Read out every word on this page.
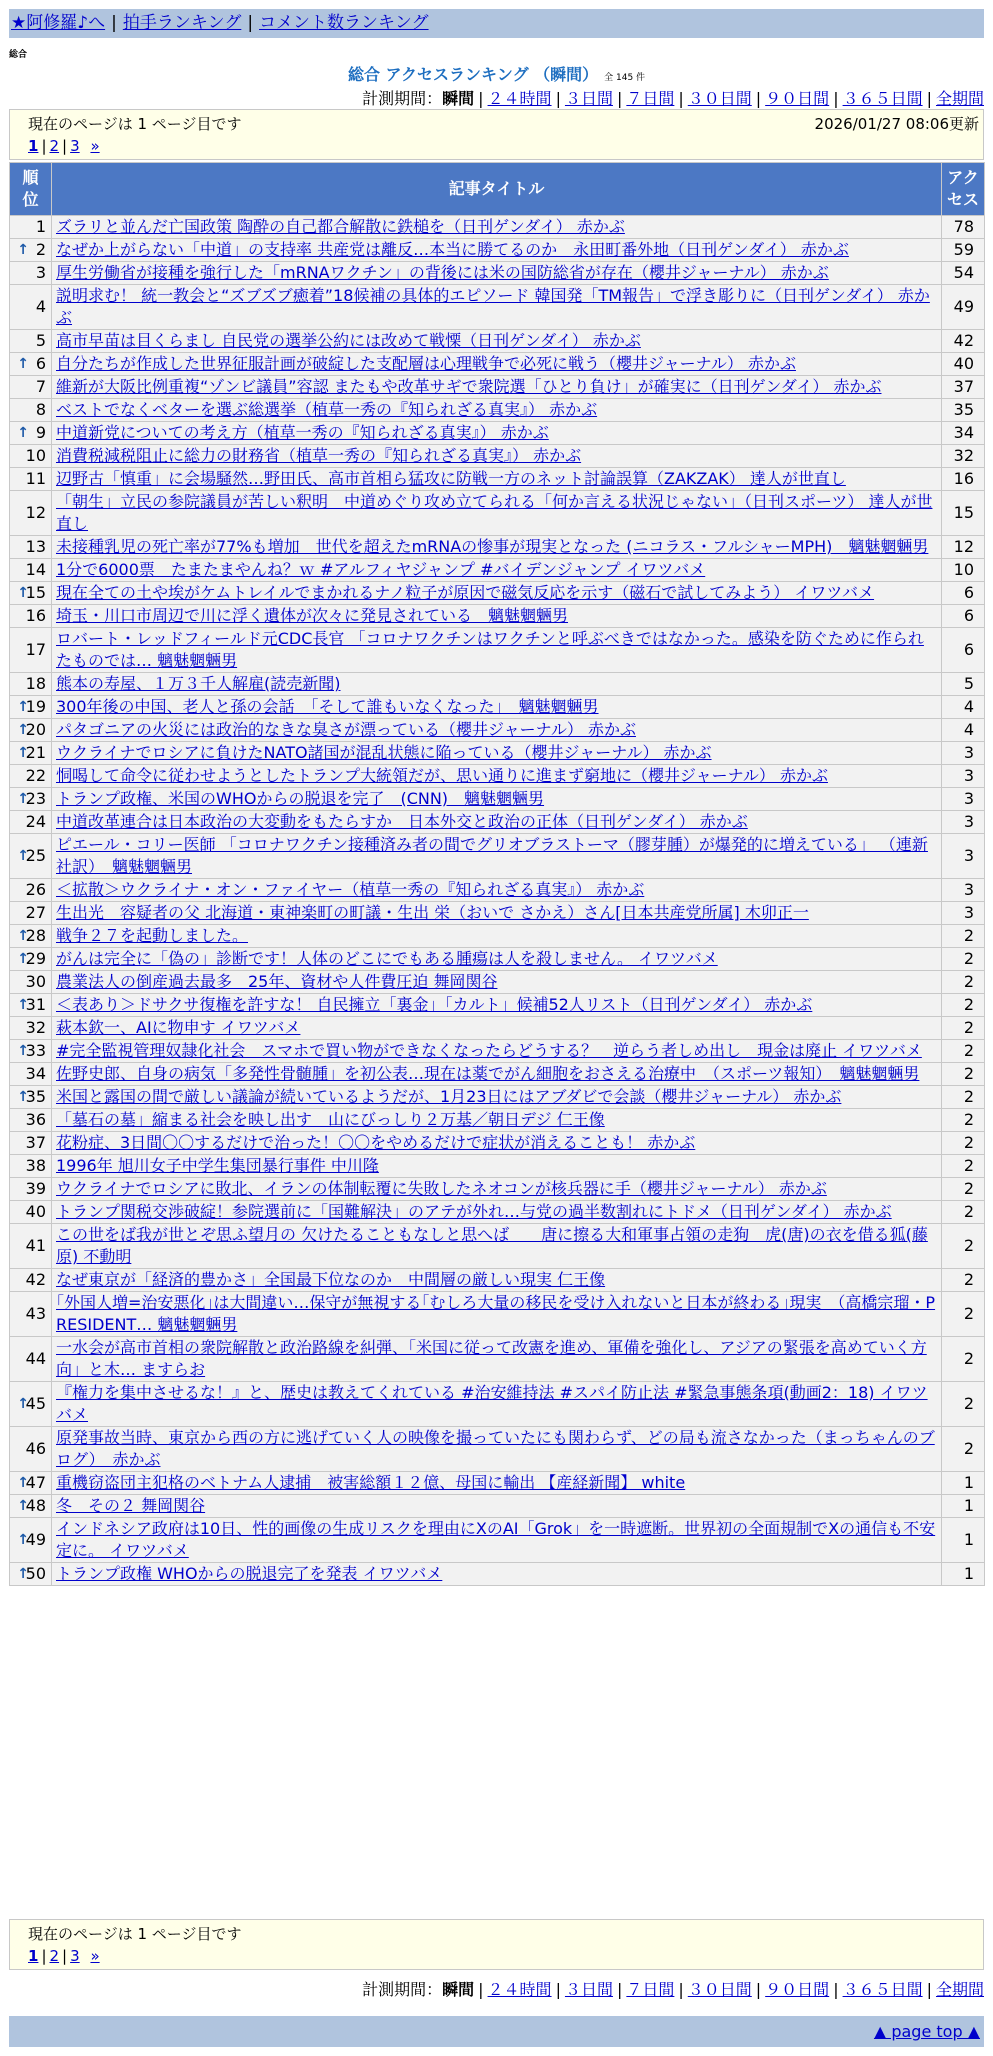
★阿修羅♪へ | 拍手ランキング | コメント数ランキング
総合
総合 アクセスランキング （瞬間） 全 145 件
計測期間：瞬間 | ２４時間 | ３日間 | ７日間 | ３０日間 | ９０日間 | ３６５日間 | 全期間
現在のページは 1 ページ目です	2026/01/27 08:06更新
1 | 2 | 3 »
順位	記事タイトル	アクセス
1	ズラリと並んだ亡国政策 陶酔の自己都合解散に鉄槌を（日刊ゲンダイ） 赤かぶ	78

↑ 2	なぜか上がらない「中道」の支持率 共産党は離反…本当に勝てるのか　永田町番外地（日刊ゲンダイ） 赤かぶ	59
3	厚生労働省が接種を強行した「mRNAワクチン」の背後には米の国防総省が存在（櫻井ジャーナル） 赤かぶ	54
4	説明求む！ 統一教会と“ズブズブ癒着”18候補の具体的エピソード 韓国発「TM報告」で浮き彫りに（日刊ゲンダイ） 赤かぶ	49
5	高市早苗は目くらまし 自民党の選挙公約には改めて戦慄（日刊ゲンダイ） 赤かぶ	42

↑ 6	自分たちが作成した世界征服計画が破綻した支配層は心理戦争で必死に戦う（櫻井ジャーナル） 赤かぶ	40
7	維新が大阪比例重複“ゾンビ議員”容認 またもや改革サギで衆院選「ひとり負け」が確実に（日刊ゲンダイ） 赤かぶ	37
8	ベストでなくベターを選ぶ総選挙（植草一秀の『知られざる真実』） 赤かぶ	35

↑ 9	中道新党についての考え方（植草一秀の『知られざる真実』） 赤かぶ	34
10	消費税減税阻止に総力の財務省（植草一秀の『知られざる真実』） 赤かぶ	32
11	辺野古「慎重」に会場騒然…野田氏、高市首相ら猛攻に防戦一方のネット討論誤算（ZAKZAK） 達人が世直し	16
12	「朝生」立民の参院議員が苦しい釈明　中道めぐり攻め立てられる「何か言える状況じゃない」（日刊スポーツ） 達人が世直し	15
13	未接種乳児の死亡率が77%も増加　世代を超えたmRNAの惨事が現実となった (ニコラス・フルシャーMPH)　魑魅魍魎男	12
14	1分で6000票　たまたまやんね？ｗ #アルフィヤジャンプ #バイデンジャンプ イワツバメ	10

↑
15	現在全ての土や埃がケムトレイルでまかれるナノ粒子が原因で磁気反応を示す（磁石で試してみよう） イワツバメ	6
16	埼玉・川口市周辺で川に浮く遺体が次々に発見されている　魑魅魍魎男	6
17	ロバート・レッドフィールド元CDC長官 「コロナワクチンはワクチンと呼ぶべきではなかった。感染を防ぐために作られたものでは… 魑魅魍魎男	6
18	熊本の寿屋、１万３千人解雇(読売新聞)	5

↑
19	300年後の中国、老人と孫の会話　「そして誰もいなくなった」　魑魅魍魎男	4

↑
20	パタゴニアの火災には政治的なきな臭さが漂っている（櫻井ジャーナル） 赤かぶ	4

↑
21	ウクライナでロシアに負けたNATO諸国が混乱状態に陥っている（櫻井ジャーナル） 赤かぶ	3
22	恫喝して命令に従わせようとしたトランプ大統領だが、思い通りに進まず窮地に（櫻井ジャーナル） 赤かぶ	3

↑
23	トランプ政権、米国のWHOからの脱退を完了　(CNN)　魑魅魍魎男	3
24	中道改革連合は日本政治の大変動をもたらすか　日本外交と政治の正体（日刊ゲンダイ） 赤かぶ	3

↑
25	ピエール・コリー医師 「コロナワクチン接種済み者の間でグリオブラストーマ（膠芽腫）が爆発的に増えている」 （連新社訳）　魑魅魍魎男	3
26	＜拡散＞ウクライナ・オン・ファイヤー（植草一秀の『知られざる真実』） 赤かぶ	3
27	生出光　容疑者の父 北海道・東神楽町の町議・生出 栄（おいで さかえ）さん[日本共産党所属] 木卯正一	3

↑
28	戦争２７を起動しました。	2

↑
29	がんは完全に「偽の」診断です！人体のどこにでもある腫瘍は人を殺しません。 イワツバメ	2
30	農業法人の倒産過去最多　25年、資材や人件費圧迫 舞岡関谷	2

↑
31	＜表あり＞ドサクサ復権を許すな！ 自民擁立「裏金」「カルト」候補52人リスト（日刊ゲンダイ） 赤かぶ	2
32	萩本欽一、AIに物申す イワツバメ	2

↑
33	#完全監視管理奴隷化社会　スマホで買い物ができなくなったらどうする？　逆らう者しめ出し　現金は廃止 イワツバメ	2
34	佐野史郎、自身の病気「多発性骨髄腫」を初公表…現在は薬でがん細胞をおさえる治療中　（スポーツ報知）　魑魅魍魎男	2

↑
35	米国と露国の間で厳しい議論が続いているようだが、1月23日にはアブダビで会談（櫻井ジャーナル） 赤かぶ	2
36	「墓石の墓」縮まる社会を映し出す　山にびっしり２万基／朝日デジ 仁王像	2
37	花粉症、3日間〇〇するだけで治った！〇〇をやめるだけで症状が消えることも！ 赤かぶ	2
38	1996年 旭川女子中学生集団暴行事件 中川隆	2
39	ウクライナでロシアに敗北、イランの体制転覆に失敗したネオコンが核兵器に手（櫻井ジャーナル） 赤かぶ	2
40	トランプ関税交渉破綻！参院選前に「国難解決」のアテが外れ…与党の過半数割れにトドメ（日刊ゲンダイ） 赤かぶ	2
41	この世をば我が世とぞ思ふ望月の 欠けたることもなしと思へば　　唐に擦る大和軍事占領の走狗　虎(唐)の衣を借る狐(藤原) 不動明	2
42	なぜ東京が「経済的豊かさ」全国最下位なのか　中間層の厳しい現実 仁王像	2
43	｢外国人増=治安悪化｣は大間違い…保守が無視する｢むしろ大量の移民を受け入れないと日本が終わる｣現実　（高橋宗瑠・PRESIDENT… 魑魅魍魎男	2
44	一水会が高市首相の衆院解散と政治路線を糾弾、「米国に従って改憲を進め、軍備を強化し、アジアの緊張を高めていく方向」と木… ますらお	2

↑
45	『権力を集中させるな！』と、歴史は教えてくれている #治安維持法 #スパイ防止法 #緊急事態条項(動画2：18) イワツバメ	2
46	原発事故当時、東京から西の方に逃げていく人の映像を撮っていたにも関わらず、どの局も流さなかった（まっちゃんのブログ）　赤かぶ	2

↑
47	重機窃盗団主犯格のベトナム人逮捕　被害総額１２億、母国に輸出 【産経新聞】 white	1

↑
48	冬　その２ 舞岡関谷	1

↑
49	インドネシア政府は10日、性的画像の生成リスクを理由にXのAI「Grok」を一時遮断。世界初の全面規制でXの通信も不安定に。 イワツバメ	1

↑
50	トランプ政権 WHOからの脱退完了を発表 イワツバメ	1
現在のページは 1 ページ目です
1 | 2 | 3 »
計測期間：瞬間 | ２４時間 | ３日間 | ７日間 | ３０日間 | ９０日間 | ３６５日間 | 全期間
▲ page top ▲
